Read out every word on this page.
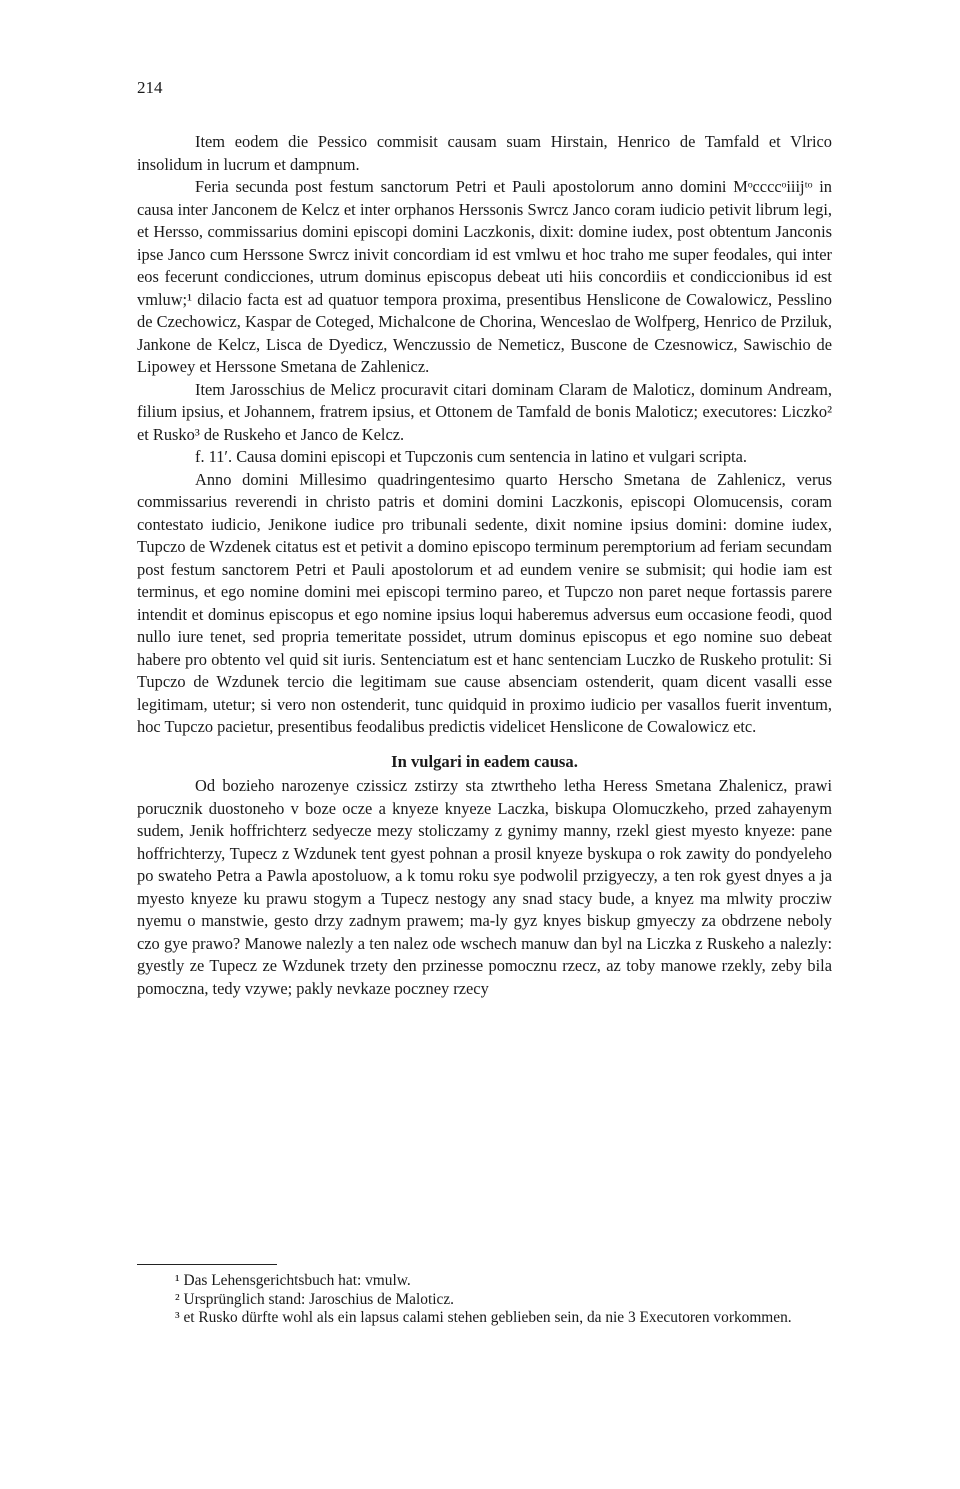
214

Item eodem die Pessico commisit causam suam Hirstain, Henrico de Tamfald et Vlrico insolidum in lucrum et dampnum.

Feria secunda post festum sanctorum Petri et Pauli apostolorum anno domini Mᵒccccᵒiiijᵗᵒ in causa inter Janconem de Kelcz et inter orphanos Herssonis Swrcz Janco coram iudicio petivit librum legi, et Hersso, commissarius domini episcopi domini Laczkonis, dixit: domine iudex, post obtentum Janconis ipse Janco cum Herssone Swrcz inivit concordiam id est vmlwu et hoc traho me super feodales, qui inter eos fecerunt condicciones, utrum dominus episcopus debeat uti hiis concordiis et condiccionibus id est vmluw;¹ dilacio facta est ad quatuor tempora proxima, presentibus Henslicone de Cowalowicz, Pesslino de Czechowicz, Kaspar de Coteged, Michalcone de Chorina, Wenceslao de Wolfperg, Henrico de Prziluk, Jankone de Kelcz, Lisca de Dyedicz, Wenczussio de Nemeticz, Buscone de Czesnowicz, Sawischio de Lipowey et Herssone Smetana de Zahlenicz.

Item Jarosschius de Melicz procuravit citari dominam Claram de Maloticz, dominum Andream, filium ipsius, et Johannem, fratrem ipsius, et Ottonem de Tamfald de bonis Maloticz; executores: Liczko² et Rusko³ de Ruskeho et Janco de Kelcz.

f. 11ʹ. Causa domini episcopi et Tupczonis cum sentencia in latino et vulgari scripta.

Anno domini Millesimo quadringentesimo quarto Herscho Smetana de Zahlenicz, verus commissarius reverendi in christo patris et domini domini Laczkonis, episcopi Olomucensis, coram contestato iudicio, Jenikone iudice pro tribunali sedente, dixit nomine ipsius domini: domine iudex, Tupczo de Wzdenek citatus est et petivit a domino episcopo terminum peremptorium ad feriam secundam post festum sanctorem Petri et Pauli apostolorum et ad eundem venire se submisit; qui hodie iam est terminus, et ego nomine domini mei episcopi termino pareo, et Tupczo non paret neque fortassis parere intendit et dominus episcopus et ego nomine ipsius loqui haberemus adversus eum occasione feodi, quod nullo iure tenet, sed propria temeritate possidet, utrum dominus episcopus et ego nomine suo debeat habere pro obtento vel quid sit iuris. Sentenciatum est et hanc sentenciam Luczko de Ruskeho protulit: Si Tupczo de Wzdunek tercio die legitimam sue cause absenciam ostenderit, quam dicent vasalli esse legitimam, utetur; si vero non ostenderit, tunc quidquid in proximo iudicio per vasallos fuerit inventum, hoc Tupczo pacietur, presentibus feodalibus predictis videlicet Henslicone de Cowalowicz etc.

In vulgari in eadem causa.

Od bozieho narozenye czissicz zstirzy sta ztwrtheho letha Heress Smetana Zhalenicz, prawi porucznik duostoneho v boze ocze a knyeze knyeze Laczka, biskupa Olomuczkeho, przed zahayenym sudem, Jenik hoffrichterz sedyecze mezy stoliczamy z gynimy manny, rzekl giest myesto knyeze: pane hoffrichterzy, Tupecz z Wzdunek tent gyest pohnan a prosil knyeze byskupa o rok zawity do pondyeleho po swateho Petra a Pawla apostoluow, a k tomu roku sye podwolil przigyeczy, a ten rok gyest dnyes a ja myesto knyeze ku prawu stogym a Tupecz nestogy any snad stacy bude, a knyez ma mlwity procziw nyemu o manstwie, gesto drzy zadnym prawem; ma-ly gyz knyes biskup gmyeczy za obdrzene neboly czo gye prawo? Manowe nalezly a ten nalez ode wschech manuw dan byl na Liczka z Ruskeho a nalezly: gyestly ze Tupecz ze Wzdunek trzety den przinesse pomocznu rzecz, az toby manowe rzekly, zeby bila pomoczna, tedy vzywe; pakly nevkaze poczney rzecy

¹ Das Lehensgerichtsbuch hat: vmulw.

² Ursprünglich stand: Jaroschius de Maloticz.

³ et Rusko dürfte wohl als ein lapsus calami stehen geblieben sein, da nie 3 Executoren vorkommen.
